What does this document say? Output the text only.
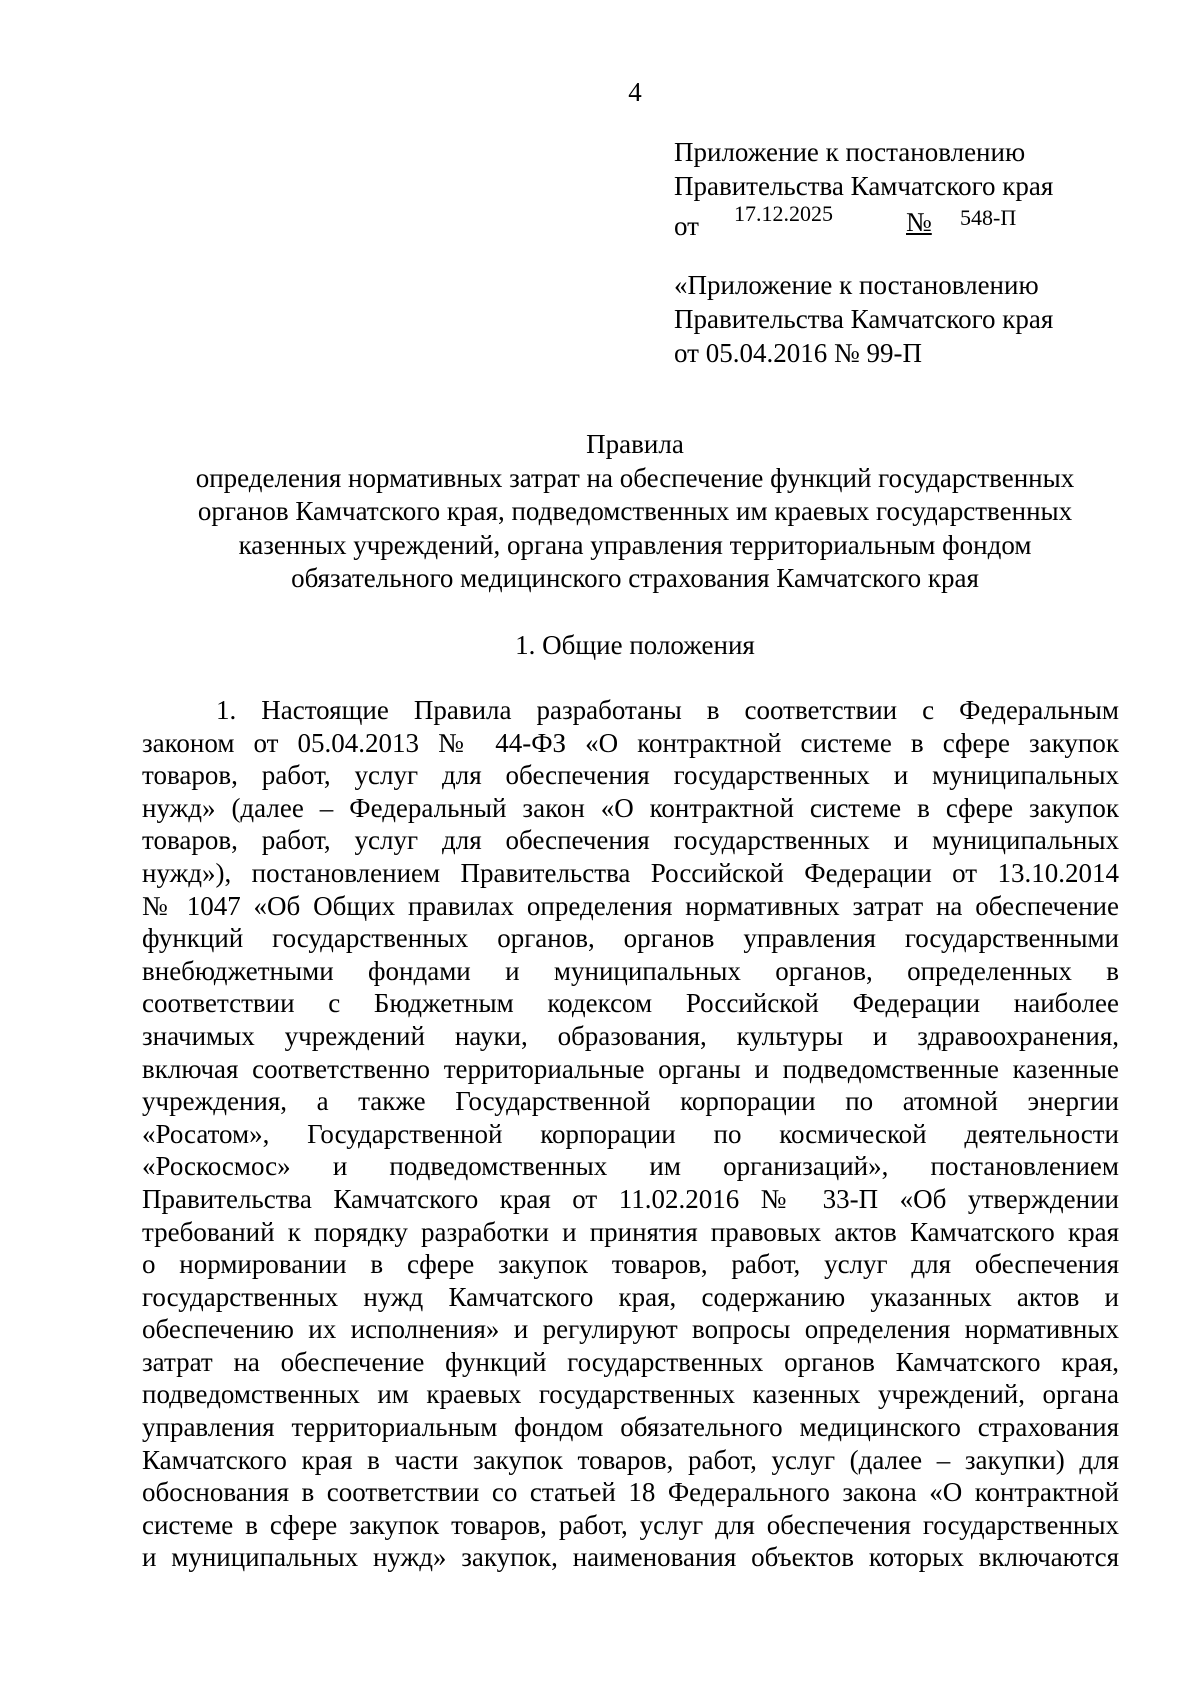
4
Приложение к постановлению
Правительства Камчатского края
от 17.12.2025	№ 548-П
«Приложение к постановлению
Правительства Камчатского края
от 05.04.2016 № 99-П
Правила
определения нормативных затрат на обеспечение функций государственных
органов Камчатского края, подведомственных им краевых государственных
казенных учреждений, органа управления территориальным фондом
обязательного медицинского страхования Камчатского края
1. Общие положения
1. Настоящие Правила разработаны в соответствии с Федеральным
законом от 05.04.2013 № 44-ФЗ «О контрактной системе в сфере закупок
товаров, работ, услуг для обеспечения государственных и муниципальных
нужд» (далее – Федеральный закон «О контрактной системе в сфере закупок
товаров, работ, услуг для обеспечения государственных и муниципальных
нужд»), постановлением Правительства Российской Федерации от 13.10.2014
№ 1047 «Об Общих правилах определения нормативных затрат на обеспечение
функций государственных органов, органов управления государственными
внебюджетными фондами и муниципальных органов, определенных в
соответствии с Бюджетным кодексом Российской Федерации наиболее
значимых учреждений науки, образования, культуры и здравоохранения,
включая соответственно территориальные органы и подведомственные казенные
учреждения, а также Государственной корпорации по атомной энергии
«Росатом», Государственной корпорации по космической деятельности
«Роскосмос» и подведомственных им организаций», постановлением
Правительства Камчатского края от 11.02.2016 № 33-П «Об утверждении
требований к порядку разработки и принятия правовых актов Камчатского края
о нормировании в сфере закупок товаров, работ, услуг для обеспечения
государственных нужд Камчатского края, содержанию указанных актов и
обеспечению их исполнения» и регулируют вопросы определения нормативных
затрат на обеспечение функций государственных органов Камчатского края,
подведомственных им краевых государственных казенных учреждений, органа
управления территориальным фондом обязательного медицинского страхования
Камчатского края в части закупок товаров, работ, услуг (далее – закупки) для
обоснования в соответствии со статьей 18 Федерального закона «О контрактной
системе в сфере закупок товаров, работ, услуг для обеспечения государственных
и муниципальных нужд» закупок, наименования объектов которых включаются
